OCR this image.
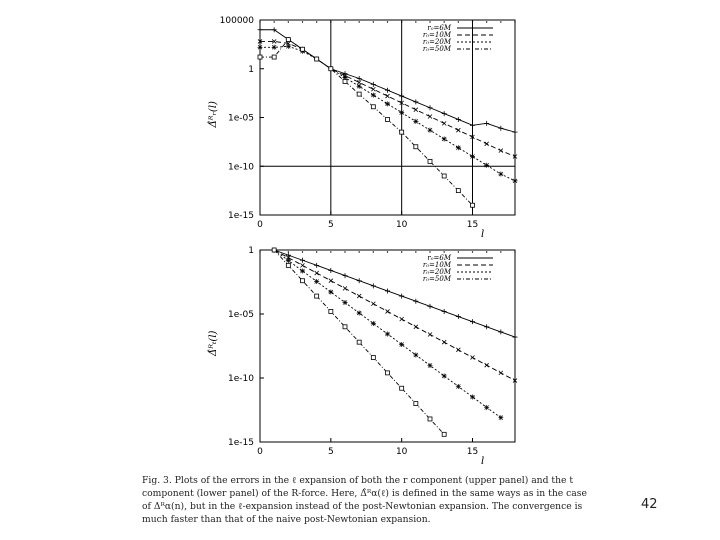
0	5	10	15
100000
1
1e-05
1e-10
1e-15
l
Δ̂ᴿᵣ(l)
r₀=6M
r₀=10M
r₀=20M
r₀=50M
0	5	10	15
1
1e-05
1e-10
1e-15
l
Δ̂ᴿₜ(l)
r₀=6M
r₀=10M
r₀=20M
r₀=50M
Fig. 3. Plots of the errors in the ℓ expansion of both the r component (upper panel) and the t component (lower panel) of the R-force. Here, Δ̂ᴿα(ℓ) is defined in the same ways as in the case of Δᴿα(n), but in the ℓ-expansion instead of the post-Newtonian expansion. The convergence is much faster than that of the naive post-Newtonian expansion.
42
